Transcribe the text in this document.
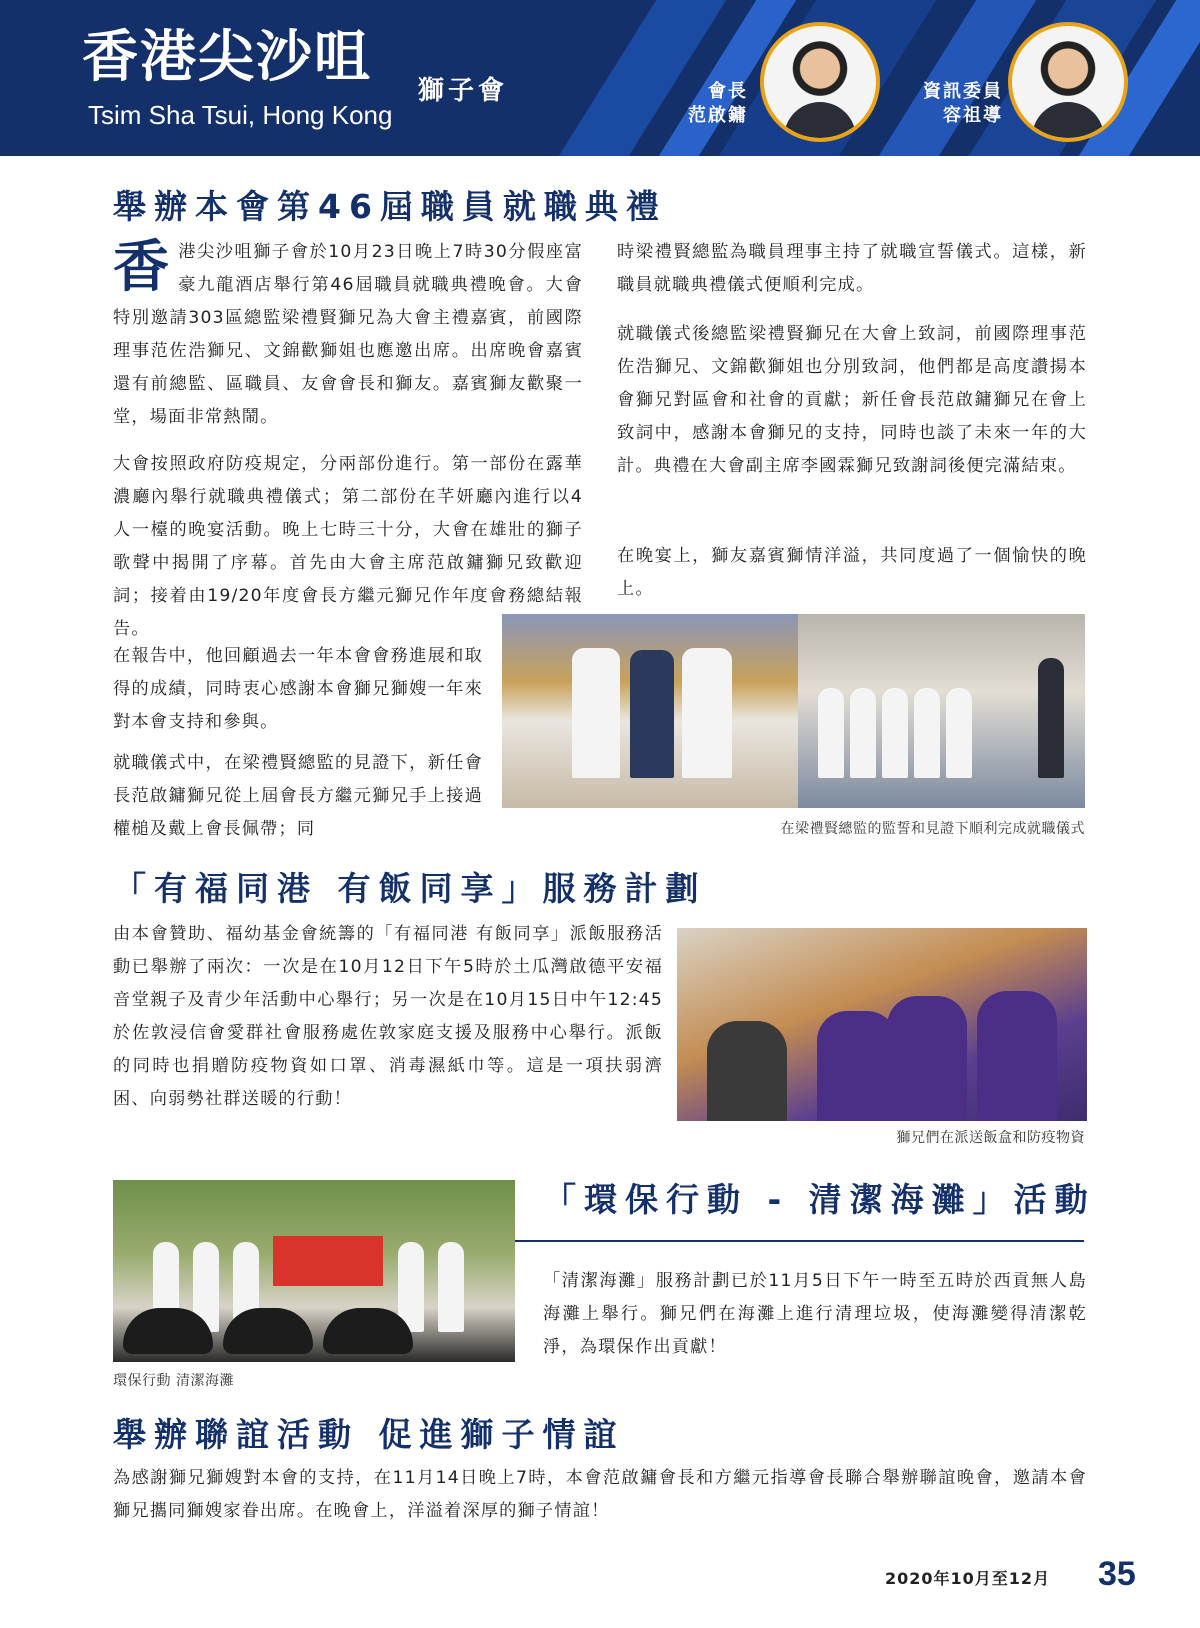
香港尖沙咀
獅子會
Tsim Sha Tsui, Hong Kong
會長
范啟鏞
資訊委員
容祖導
舉辦本會第46屆職員就職典禮
香港尖沙咀獅子會於10月23日晚上7時30分假座富豪九龍酒店舉行第46屆職員就職典禮晚會。大會特別邀請303區總監梁禮賢獅兄為大會主禮嘉賓，前國際理事范佐浩獅兄、文錦歡獅姐也應邀出席。出席晚會嘉賓還有前總監、區職員、友會會長和獅友。嘉賓獅友歡聚一堂，場面非常熱鬧。
大會按照政府防疫規定，分兩部份進行。第一部份在露華濃廳內舉行就職典禮儀式；第二部份在芊妍廳內進行以4人一檯的晚宴活動。晚上七時三十分，大會在雄壯的獅子歌聲中揭開了序幕。首先由大會主席范啟鏞獅兄致歡迎詞；接着由19/20年度會長方繼元獅兄作年度會務總結報告。
在報告中，他回顧過去一年本會會務進展和取得的成績，同時衷心感謝本會獅兄獅嫂一年來對本會支持和參與。
就職儀式中，在梁禮賢總監的見證下，新任會長范啟鏞獅兄從上屆會長方繼元獅兄手上接過權槌及戴上會長佩帶；同
時梁禮賢總監為職員理事主持了就職宣誓儀式。這樣，新職員就職典禮儀式便順利完成。
就職儀式後總監梁禮賢獅兄在大會上致詞，前國際理事范佐浩獅兄、文錦歡獅姐也分別致詞，他們都是高度讚揚本會獅兄對區會和社會的貢獻；新任會長范啟鏞獅兄在會上致詞中，感謝本會獅兄的支持，同時也談了未來一年的大計。典禮在大會副主席李國霖獅兄致謝詞後便完滿結束。
在晚宴上，獅友嘉賓獅情洋溢，共同度過了一個愉快的晚上。
在梁禮賢總監的監誓和見證下順利完成就職儀式
「有福同港 有飯同享」服務計劃
由本會贊助、福幼基金會統籌的「有福同港 有飯同享」派飯服務活動已舉辦了兩次：一次是在10月12日下午5時於土瓜灣啟德平安福音堂親子及青少年活動中心舉行；另一次是在10月15日中午12:45於佐敦浸信會愛群社會服務處佐敦家庭支援及服務中心舉行。派飯的同時也捐贈防疫物資如口罩、消毒濕紙巾等。這是一項扶弱濟困、向弱勢社群送暖的行動！
獅兄們在派送飯盒和防疫物資
「環保行動 - 清潔海灘」活動
「清潔海灘」服務計劃已於11月5日下午一時至五時於西貢無人島海灘上舉行。獅兄們在海灘上進行清理垃圾，使海灘變得清潔乾淨，為環保作出貢獻！
環保行動 清潔海灘
舉辦聯誼活動 促進獅子情誼
為感謝獅兄獅嫂對本會的支持，在11月14日晚上7時，本會范啟鏞會長和方繼元指導會長聯合舉辦聯誼晚會，邀請本會獅兄攜同獅嫂家眷出席。在晚會上，洋溢着深厚的獅子情誼！
2020年10月至12月 35
